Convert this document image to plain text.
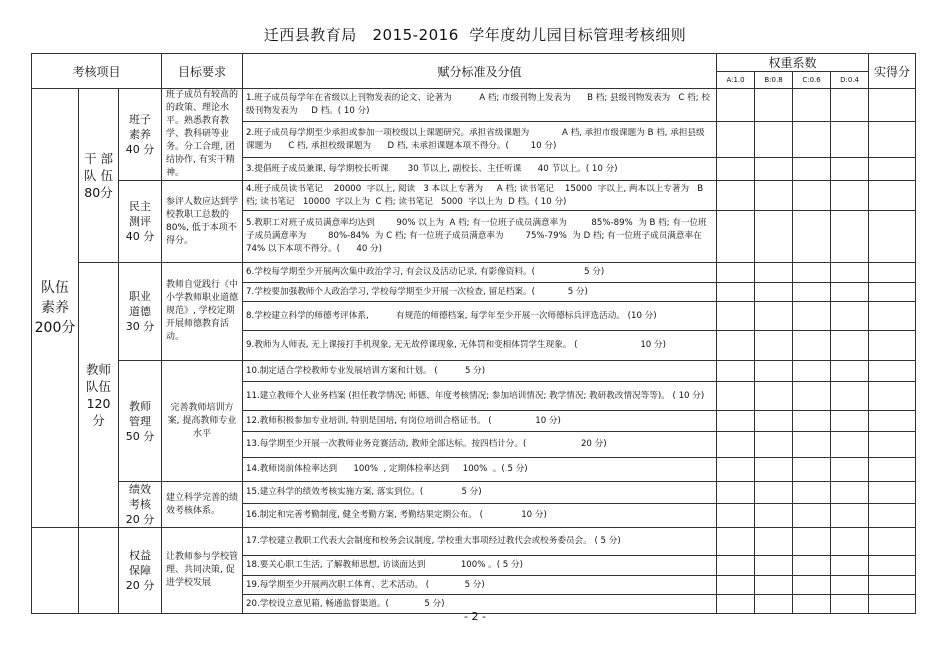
迁西县教育局   2015-2016  学年度幼儿园目标管理考核细则
考核项目			目标要求	赋分标准及分值	权重系数				实得分
					A:1.0	B:0.8	C:0.6	D:0.4	
队伍
素养
200分	干 部
队 伍
80分	班子
素养
40 分	班子成员有较高的的政策、理论水平。熟悉教育教学、教科研等业务。分工合理, 团结协作, 有实干精神。	1.班子成员每学年在省级以上刊物发表的论文、论著为          A 档; 市级刊物上发表为      B 档; 县级刊物发表为   C 档; 校级刊物发表为     D 档。( 10 分)					
				2.班子成员每学期至少承担或参加一项校级以上课题研究。承担省级课题为            A 档, 承担市级课题为 B 档, 承担县级课题为      C 档, 承担校级课题为      D 档, 未承担课题本项不得分。(        10 分)					
				3.提倡班子成员兼课, 每学期校长听课       30 节以上, 副校长、主任听课      40 节以上。( 10 分)					
		民主
测评
40 分	参评人数应达到学校教职工总数的 80%, 低于本项不得分。	4.班子成员读书笔记    20000  字以上, 阅读   3 本以上专著为     A 档; 读书笔记    15000  字以上, 两本以上专著为   B 档; 读书笔记   10000  字以上为  C 档; 读书笔记   5000  字以上为  D 档。( 10 分)					
				5.教职工对班子成员满意率均达到        90% 以上为  A 档; 有一位班子成员满意率为         85%-89%  为 B 档; 有一位班子成员满意率为        80%-84%  为 C 档; 有一位班子成员满意率为        75%-79%  为 D 档; 有一位班子成员满意率在       74% 以下本项不得分。(      40 分)					
	教师
队伍
120
分	职业
道德
30 分	教师自觉践行《中小学教师职业道德规范》, 学校定期开展师德教育活动。	6.学校每学期至少开展两次集中政治学习, 有会议及活动记录, 有影像资料。(                  5 分)					
				7.学校要加强教师个人政治学习, 学校每学期至少开展一次检查, 留足档案。(            5 分)					
				8.学校建立科学的师德考评体系,          有规范的师德档案, 每学年至少开展一次师德标兵评选活动。 (10 分)					
				9.教师为人师表, 无上课接打手机现象, 无无故停课现象, 无体罚和变相体罚学生现象。 (                       10 分)					
		教师
管理
50 分	完善教师培训方案, 提高教师专业水平	10.制定适合学校教师专业发展培训方案和计划。 (          5 分)					
				11.建立教师个人业务档案 (担任教学情况; 师德、年度考核情况; 参加培训情况; 教学情况; 教研教改情况等等)。 ( 10 分)					
				12.教师积极参加专业培训, 特别是国培, 有岗位培训合格证书。 (                10 分)					
				13.每学期至少开展一次教师业务竞赛活动, 教师全部达标。按四档计分。(                    20 分)					
				14.教师岗前体检率达到      100%  , 定期体检率达到     100%  。( 5 分)					
		绩效
考核
20 分	建立科学完善的绩效考核体系。	15.建立科学的绩效考核实施方案, 落实到位。(              5 分)					
				16.制定和完善考勤制度, 健全考勤方案, 考勤结果定期公布。 (              10 分)					
		权益
保障
20 分	让教师参与学校管理、共同决策, 促进学校发展	17.学校建立教职工代表大会制度和校务会议制度, 学校重大事项经过教代会或校务委员会。 ( 5 分)					
				18.要关心职工生活, 了解教师思想, 访谈面达到             100% 。( 5 分)					
				19.每学期至少开展两次职工体育、艺术活动。 (             5 分)					
				20.学校设立意见箱, 畅通监督渠道。(             5 分)					
- 2 -
